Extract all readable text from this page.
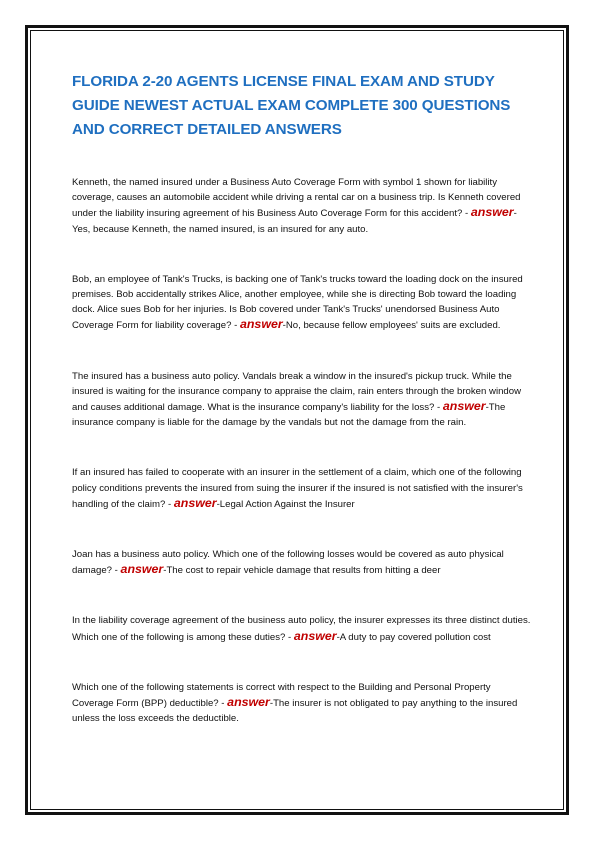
FLORIDA 2-20 AGENTS LICENSE FINAL EXAM AND STUDY GUIDE NEWEST ACTUAL EXAM COMPLETE 300 QUESTIONS AND CORRECT DETAILED ANSWERS

Kenneth, the named insured under a Business Auto Coverage Form with symbol 1 shown for liability coverage, causes an automobile accident while driving a rental car on a business trip. Is Kenneth covered under the liability insuring agreement of his Business Auto Coverage Form for this accident? - answer-Yes, because Kenneth, the named insured, is an insured for any auto.

Bob, an employee of Tank's Trucks, is backing one of Tank's trucks toward the loading dock on the insured premises. Bob accidentally strikes Alice, another employee, while she is directing Bob toward the loading dock. Alice sues Bob for her injuries. Is Bob covered under Tank's Trucks' unendorsed Business Auto Coverage Form for liability coverage? - answer-No, because fellow employees' suits are excluded.

The insured has a business auto policy. Vandals break a window in the insured's pickup truck. While the insured is waiting for the insurance company to appraise the claim, rain enters through the broken window and causes additional damage. What is the insurance company's liability for the loss? - answer-The insurance company is liable for the damage by the vandals but not the damage from the rain.

If an insured has failed to cooperate with an insurer in the settlement of a claim, which one of the following policy conditions prevents the insured from suing the insurer if the insured is not satisfied with the insurer's handling of the claim? - answer-Legal Action Against the Insurer

Joan has a business auto policy. Which one of the following losses would be covered as auto physical damage? - answer-The cost to repair vehicle damage that results from hitting a deer

In the liability coverage agreement of the business auto policy, the insurer expresses its three distinct duties. Which one of the following is among these duties? - answer-A duty to pay covered pollution cost

Which one of the following statements is correct with respect to the Building and Personal Property Coverage Form (BPP) deductible? - answer-The insurer is not obligated to pay anything to the insured unless the loss exceeds the deductible.
